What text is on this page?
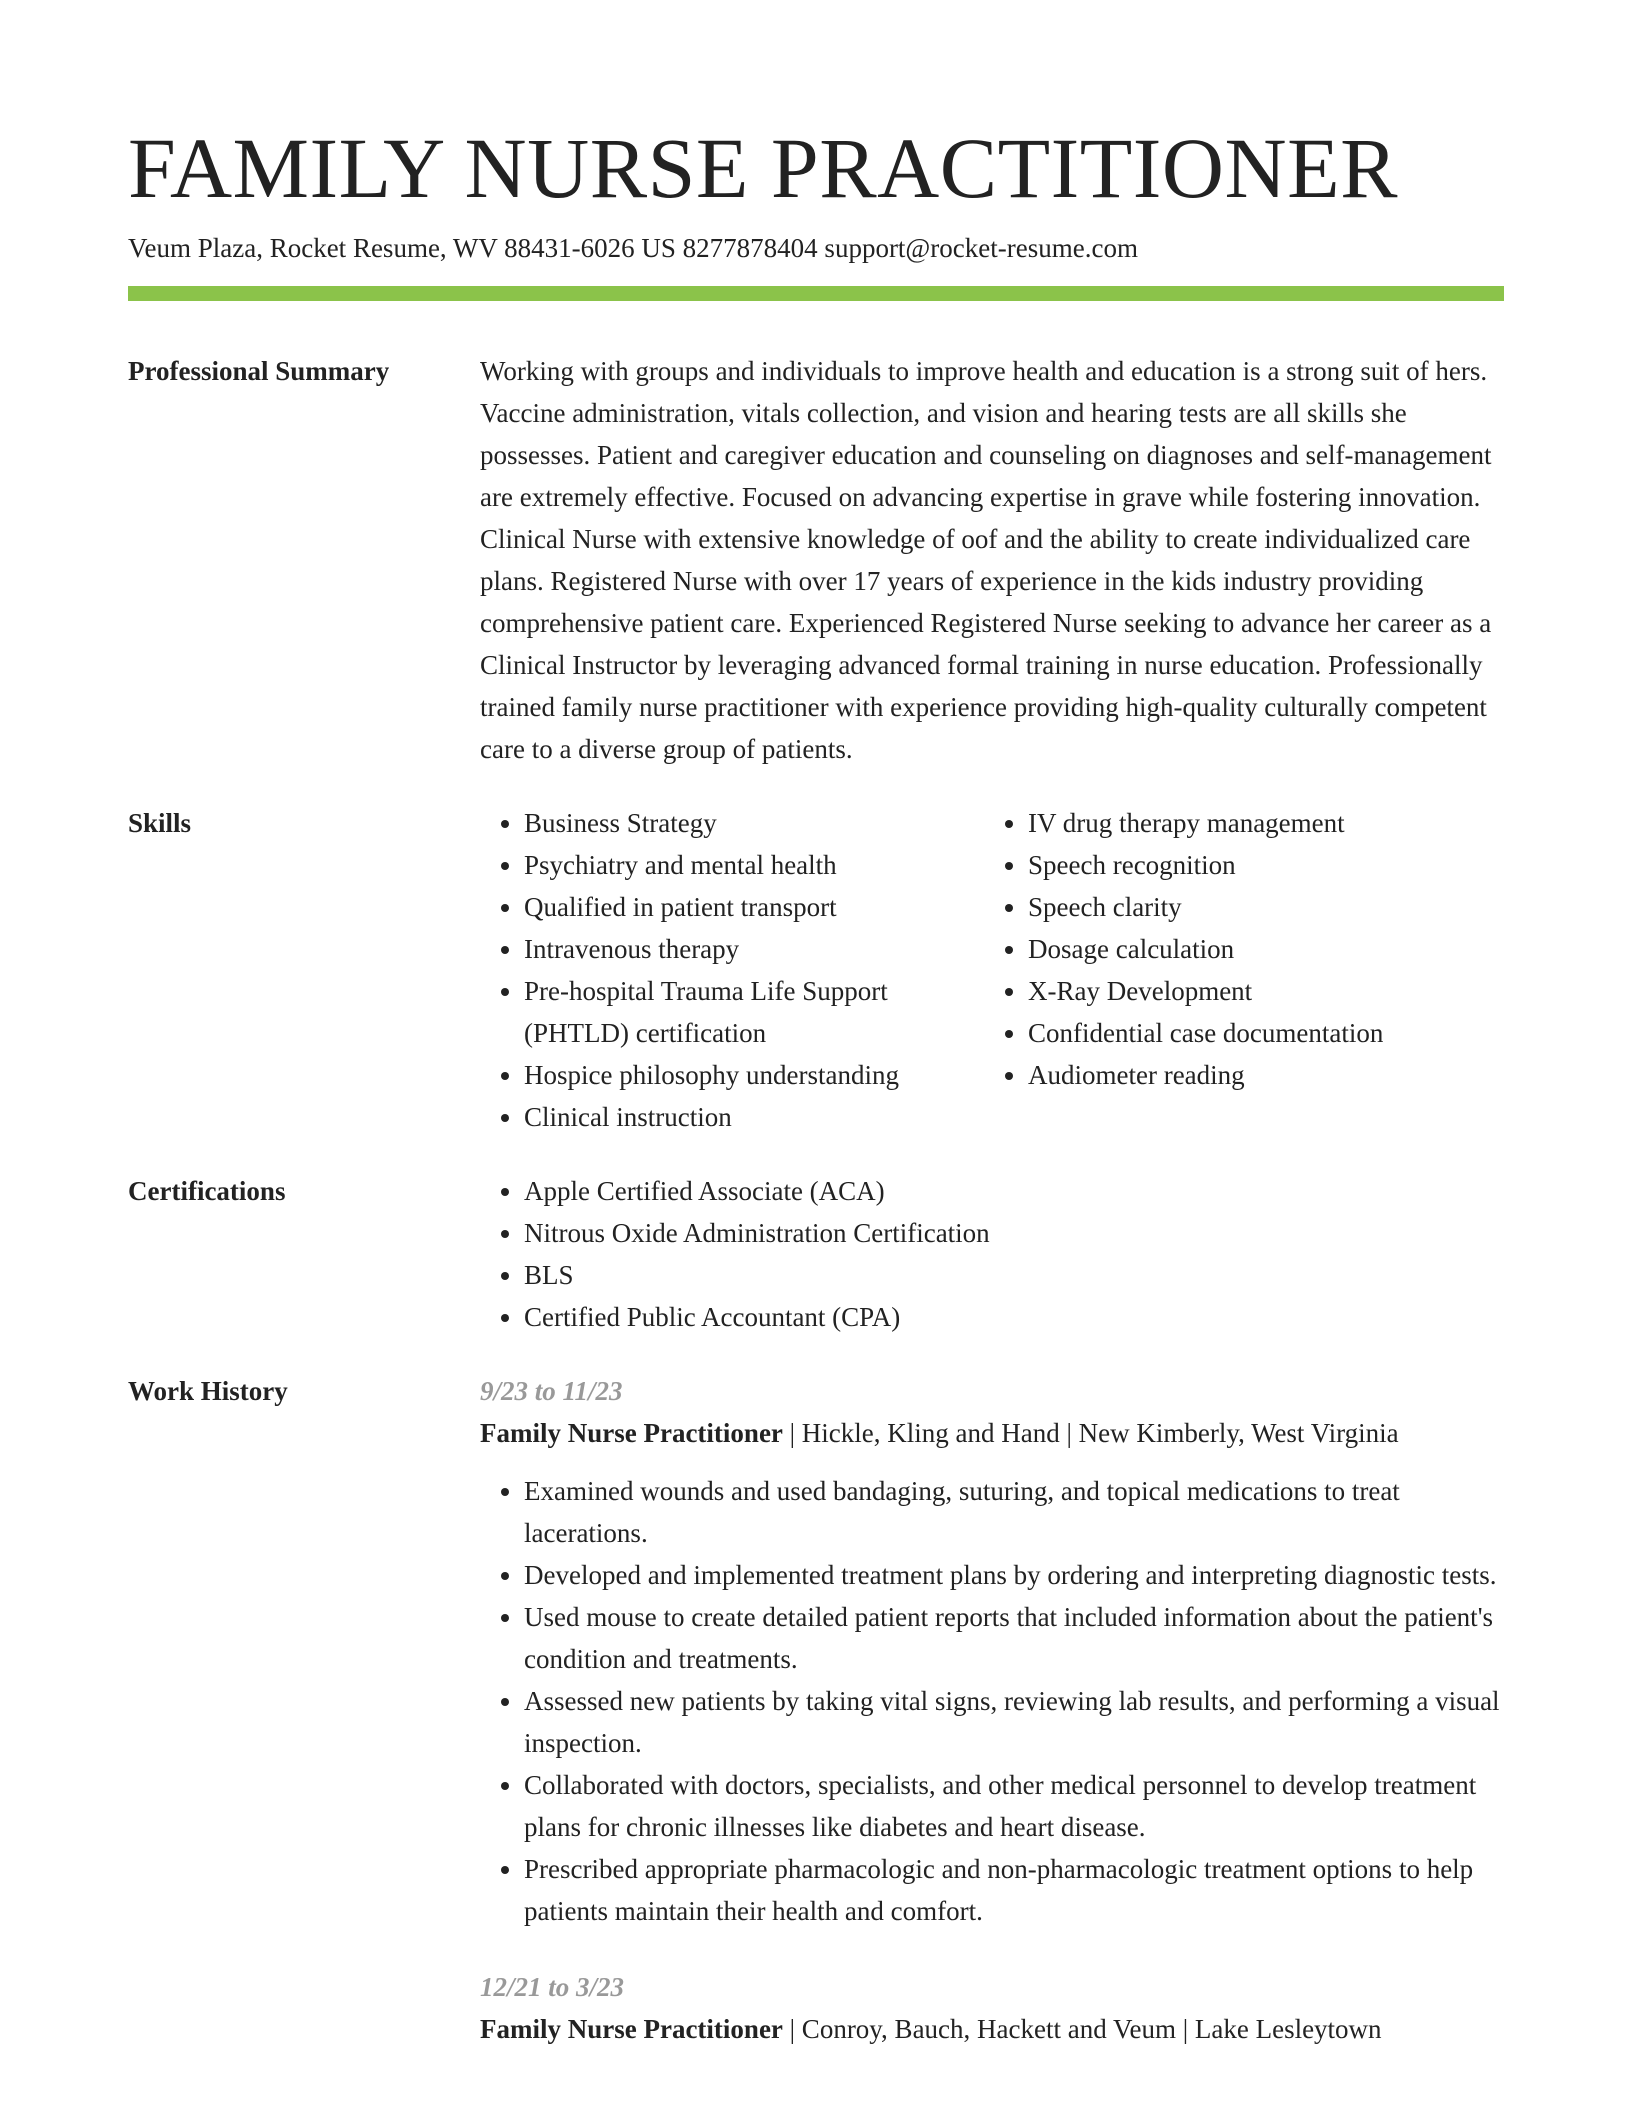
FAMILY NURSE PRACTITIONER
Veum Plaza, Rocket Resume, WV 88431-6026 US 8277878404 support@rocket-resume.com
Professional Summary	Working with groups and individuals to improve health and education is a strong suit of hers. Vaccine administration, vitals collection, and vision and hearing tests are all skills she possesses. Patient and caregiver education and counseling on diagnoses and self-management are extremely effective. Focused on advancing expertise in grave while fostering innovation. Clinical Nurse with extensive knowledge of oof and the ability to create individualized care plans. Registered Nurse with over 17 years of experience in the kids industry providing comprehensive patient care. Experienced Registered Nurse seeking to advance her career as a Clinical Instructor by leveraging advanced formal training in nurse education. Professionally trained family nurse practitioner with experience providing high-quality culturally competent care to a diverse group of patients.

Skills	• Business Strategy
• Psychiatry and mental health
• Qualified in patient transport
• Intravenous therapy
• Pre-hospital Trauma Life Support (PHTLD) certification
• Hospice philosophy understanding
• Clinical instruction
• IV drug therapy management
• Speech recognition
• Speech clarity
• Dosage calculation
• X-Ray Development
• Confidential case documentation
• Audiometer reading
Certifications	• Apple Certified Associate (ACA)
• Nitrous Oxide Administration Certification
• BLS
• Certified Public Accountant (CPA)
Work History	9/23 to 11/23
Family Nurse Practitioner | Hickle, Kling and Hand | New Kimberly, West Virginia
• Examined wounds and used bandaging, suturing, and topical medications to treat lacerations.
• Developed and implemented treatment plans by ordering and interpreting diagnostic tests.
• Used mouse to create detailed patient reports that included information about the patient's condition and treatments.
• Assessed new patients by taking vital signs, reviewing lab results, and performing a visual inspection.
• Collaborated with doctors, specialists, and other medical personnel to develop treatment plans for chronic illnesses like diabetes and heart disease.
• Prescribed appropriate pharmacologic and non-pharmacologic treatment options to help patients maintain their health and comfort.
12/21 to 3/23
Family Nurse Practitioner | Conroy, Bauch, Hackett and Veum | Lake Lesleytown
